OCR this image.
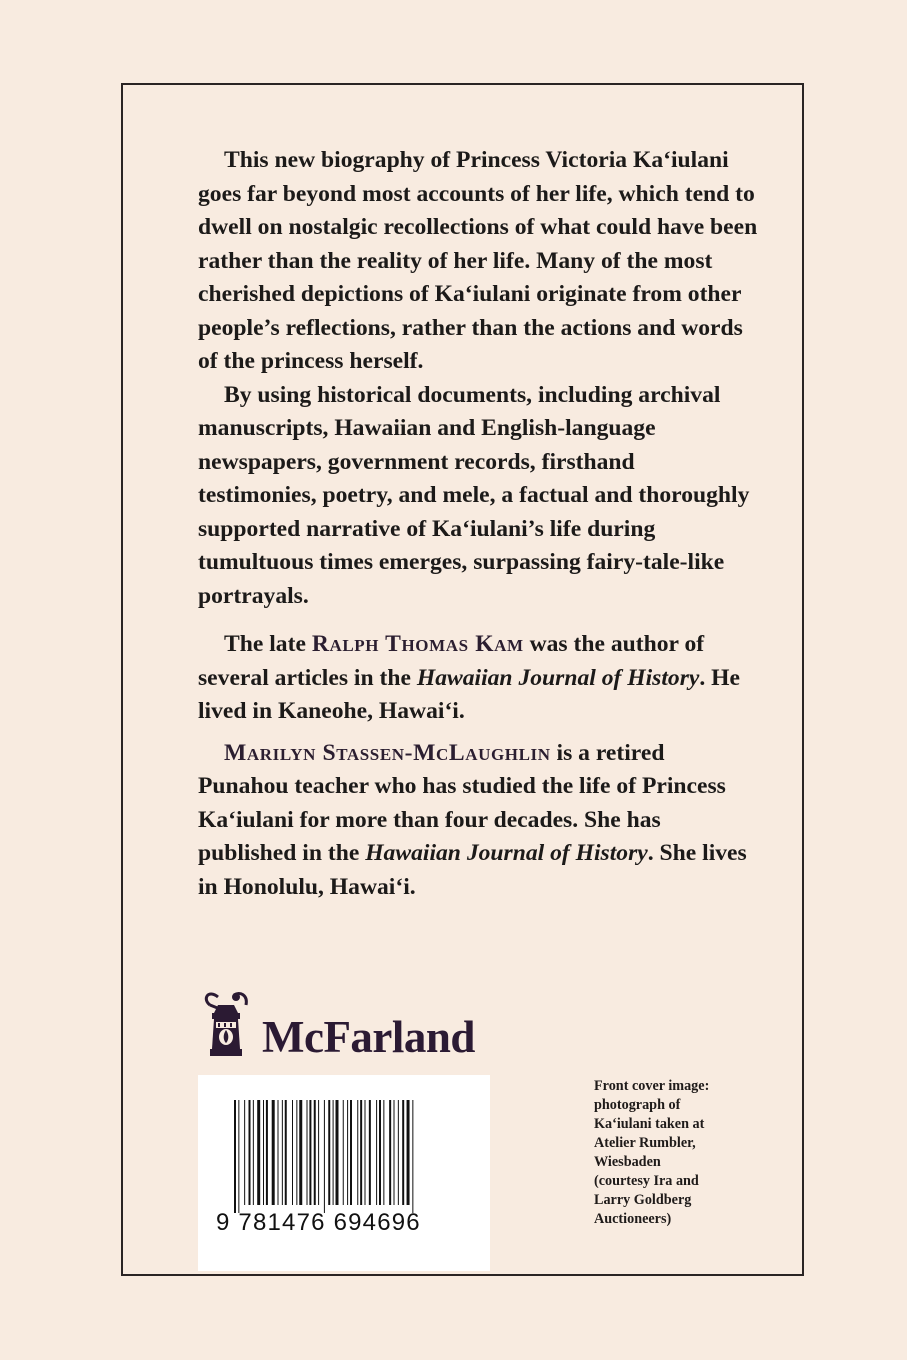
This new biography of Princess Victoria Kaʻiulani goes far beyond most accounts of her life, which tend to dwell on nostalgic recollections of what could have been rather than the reality of her life. Many of the most cherished depictions of Kaʻiulani originate from other people’s reflections, rather than the actions and words of the princess herself.

By using historical documents, including archival manuscripts, Hawaiian and English-language newspapers, government records, firsthand testimonies, poetry, and mele, a factual and thoroughly supported narrative of Kaʻiulani’s life during tumultuous times emerges, surpassing fairy-tale-like portrayals.

The late Ralph Thomas Kam was the author of several articles in the Hawaiian Journal of History. He lived in Kaneohe, Hawaiʻi.

Marilyn Stassen-McLaughlin is a retired Punahou teacher who has studied the life of Princess Kaʻiulani for more than four decades. She has published in the Hawaiian Journal of History. She lives in Honolulu, Hawaiʻi.

McFarland
9 781476 694696

Front cover image:
photograph of
Kaʻiulani taken at
Atelier Rumbler,
Wiesbaden
(courtesy Ira and
Larry Goldberg
Auctioneers)
